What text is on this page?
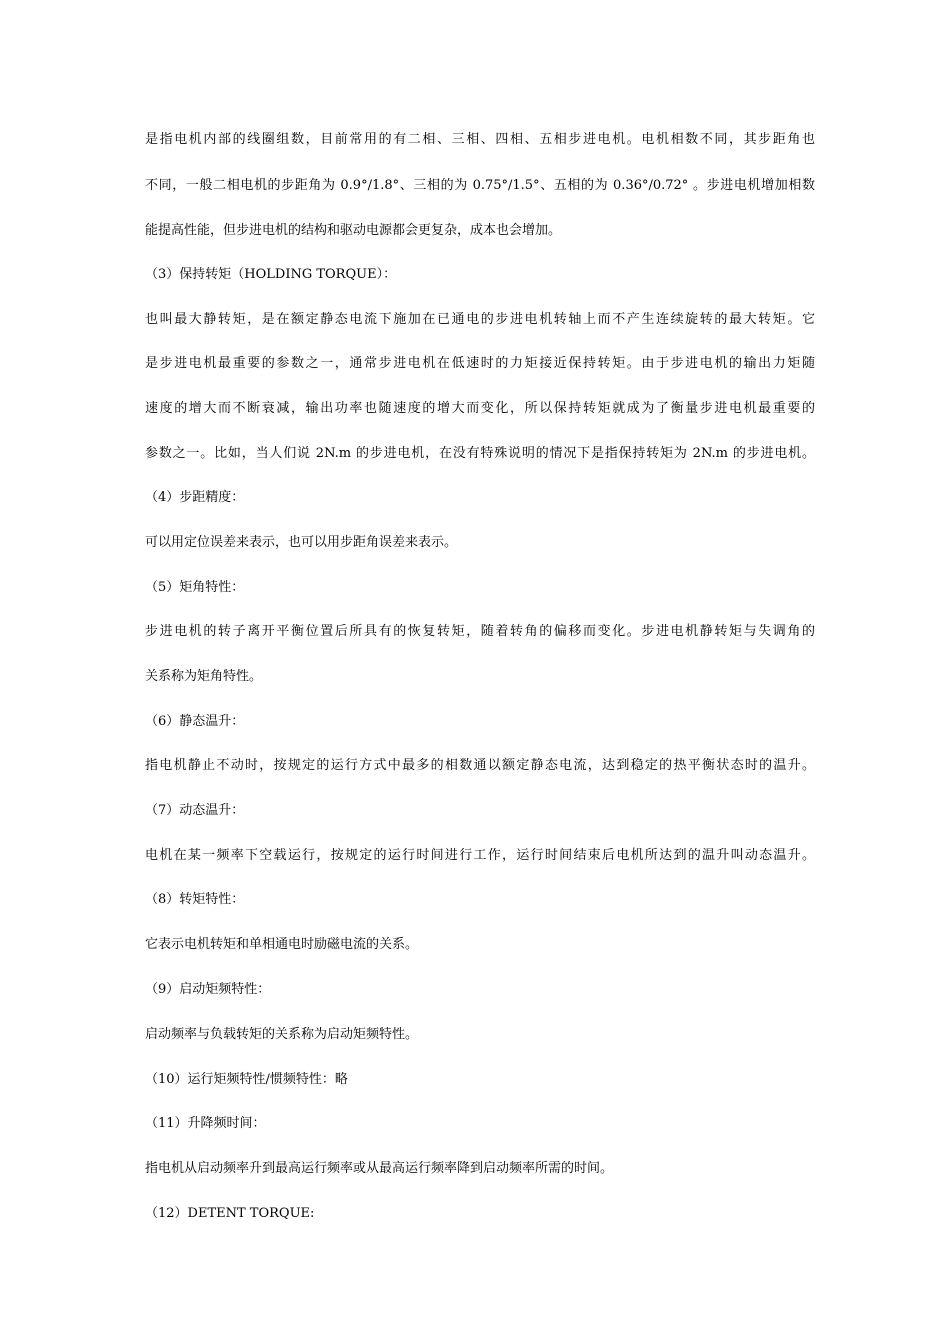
是指电机内部的线圈组数，目前常用的有二相、三相、四相、五相步进电机。电机相数不同，其步距角也
不同，一般二相电机的步距角为 0.9°/1.8°、三相的为 0.75°/1.5°、五相的为 0.36°/0.72° 。步进电机增加相数
能提高性能，但步进电机的结构和驱动电源都会更复杂，成本也会增加。
（3）保持转矩（HOLDING TORQUE）：
也叫最大静转矩，是在额定静态电流下施加在已通电的步进电机转轴上而不产生连续旋转的最大转矩。它
是步进电机最重要的参数之一，通常步进电机在低速时的力矩接近保持转矩。由于步进电机的输出力矩随
速度的增大而不断衰减，输出功率也随速度的增大而变化，所以保持转矩就成为了衡量步进电机最重要的
参数之一。比如，当人们说 2N.m 的步进电机，在没有特殊说明的情况下是指保持转矩为 2N.m 的步进电机。
（4）步距精度：
可以用定位误差来表示，也可以用步距角误差来表示。
（5）矩角特性：
步进电机的转子离开平衡位置后所具有的恢复转矩，随着转角的偏移而变化。步进电机静转矩与失调角的
关系称为矩角特性。
（6）静态温升：
指电机静止不动时，按规定的运行方式中最多的相数通以额定静态电流，达到稳定的热平衡状态时的温升。
（7）动态温升：
电机在某一频率下空载运行，按规定的运行时间进行工作，运行时间结束后电机所达到的温升叫动态温升。
（8）转矩特性：
它表示电机转矩和单相通电时励磁电流的关系。
（9）启动矩频特性：
启动频率与负载转矩的关系称为启动矩频特性。
（10）运行矩频特性/惯频特性：略
（11）升降频时间：
指电机从启动频率升到最高运行频率或从最高运行频率降到启动频率所需的时间。
（12）DETENT TORQUE:
